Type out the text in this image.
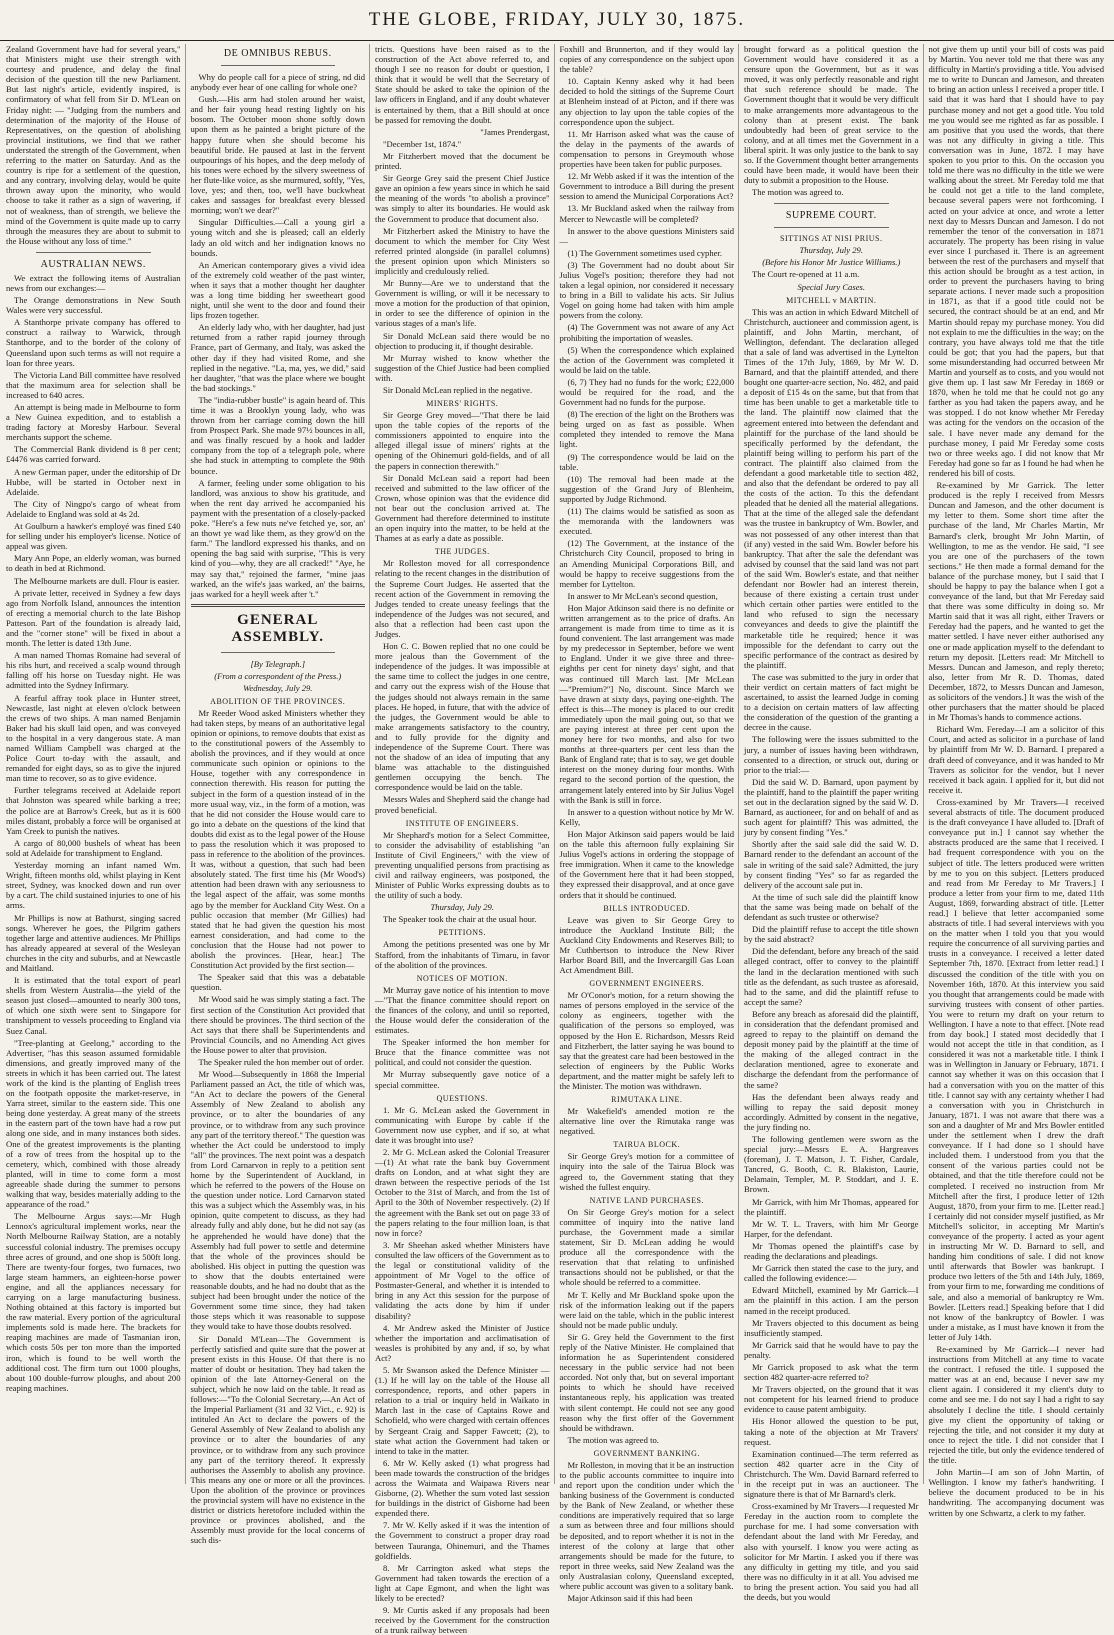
THE GLOBE, FRIDAY, JULY 30, 1875.

Zealand Government have had for several years," that Ministers might use their strength with courtesy and prudence, and delay the final decision of the question till the new Parliament. But last night's article, evidently inspired, is confirmatory of what fell from Sir D. M'Lean on Friday night: — "Judging from the numbers and determination of the majority of the House of Representatives, on the question of abolishing provincial institutions, we find that we rather understated the strength of the Government, when referring to the matter on Saturday. And as the country is ripe for a settlement of the question, and any contrary, involving delay, would be quite thrown away upon the minority, who would choose to take it rather as a sign of wavering, if not of weakness, than of strength, we believe the mind of the Government is quite made up to carry through the measures they are about to submit to the House without any loss of time."

AUSTRALIAN NEWS.

We extract the following items of Australian news from our exchanges:—

The Orange demonstrations in New South Wales were very successful.

A Stanthorpe private company has offered to construct a railway to Warwick, through Stanthorpe, and to the border of the colony of Queensland upon such terms as will not require a loan for three years.

The Victoria Land Bill committee have resolved that the maximum area for selection shall be increased to 640 acres.

An attempt is being made in Melbourne to form a New Guinea expedition, and to establish a trading factory at Moresby Harbour. Several merchants support the scheme.

The Commercial Bank dividend is 8 per cent; £4476 was carried forward.

A new German paper, under the editorship of Dr Hubbe, will be started in October next in Adelaide.

The City of Ningpo's cargo of wheat from Adelaide to England was sold at 4s 2d.

At Goulburn a hawker's employé was fined £40 for selling under his employer's license. Notice of appeal was given.

Mary Ann Pope, an elderly woman, was burned to death in bed at Richmond.

The Melbourne markets are dull. Flour is easier.

A private letter, received in Sydney a few days ago from Norfolk Island, announces the intention of erecting a memorial church to the late Bishop Patteson. Part of the foundation is already laid, and the "corner stone" will be fixed in about a month. The letter is dated 13th June.

A man named Thomas Romaine had several of his ribs hurt, and received a scalp wound through falling off his horse on Tuesday night. He was admitted into the Sydney Infirmary.

A fearful affray took place in Hunter street, Newcastle, last night at eleven o'clock between the crews of two ships. A man named Benjamin Baker had his skull laid open, and was conveyed to the hospital in a very dangerous state. A man named William Campbell was charged at the Police Court to-day with the assault, and remanded for eight days, so as to give the injured man time to recover, so as to give evidence.

Further telegrams received at Adelaide report that Johnston was speared while barking a tree; the police are at Barrow's Creek, but as it is 600 miles distant, probably a force will be organised at Yam Creek to punish the natives.

A cargo of 80,000 bushels of wheat has been sold at Adelaide for transhipment to England.

Yesterday morning an infant named Wm. Wright, fifteen months old, whilst playing in Kent street, Sydney, was knocked down and run over by a cart. The child sustained injuries to one of his arms.

Mr Phillips is now at Bathurst, singing sacred songs. Wherever he goes, the Pilgrim gathers together large and attentive audiences. Mr Phillips has already appeared at several of the Wesleyan churches in the city and suburbs, and at Newcastle and Maitland.

It is estimated that the total export of pearl shells from Western Australia—the yield of the season just closed—amounted to nearly 300 tons, of which one sixth were sent to Singapore for transhipment to vessels proceeding to England via Suez Canal.

"Tree-planting at Geelong," according to the Advertiser, "has this season assumed formidable dimensions, and greatly improved many of the streets in which it has been carried out. The latest work of the kind is the planting of English trees on the footpath opposite the market-reserve, in Yarra street, similar to the eastern side. This one being done yesterday. A great many of the streets in the eastern part of the town have had a row put along one side, and in many instances both sides. One of the greatest improvements is the planting of a row of trees from the hospital up to the cemetery, which, combined with those already planted, will in time to come form a most agreeable shade during the summer to persons walking that way, besides materially adding to the appearance of the road."

The Melbourne Argus says:—Mr Hugh Lennox's agricultural implement works, near the North Melbourne Railway Station, are a notably successful colonial industry. The premises occupy three acres of ground, and one shop is 500ft long. There are twenty-four forges, two furnaces, two large steam hammers, an eighteen-horse power engine, and all the appliances necessary for carrying on a large manufacturing business. Nothing obtained at this factory is imported but the raw material. Every portion of the agricultural implements sold is made here. The brackets for reaping machines are made of Tasmanian iron, which costs 50s per ton more than the imported iron, which is found to be well worth the additional cost. The firm turn out 1000 ploughs, about 100 double-furrow ploughs, and about 200 reaping machines.

DE OMNIBUS REBUS.

Why do people call for a piece of string, nd did anybody ever hear of one calling for whole one?

Gush.—His arm had stolen around her waist, and her fair young head resting lightly on his bosom. The October moon shone softly down upon them as he painted a bright picture of the happy future when she should become his beautiful bride. He paused at last in the fervent outpourings of his hopes, and the deep melody of his tones were echoed by the silvery sweetness of her flute-like voice, as she murmured, softly, "Yes, love, yes; and then, too, we'll have buckwheat cakes and sassages for breakfast every blessed morning; won't we dear?"

Singular Difficulties.—Call a young girl a young witch and she is pleased; call an elderly lady an old witch and her indignation knows no bounds.

An American contemporary gives a vivid idea of the extremely cold weather of the past winter, when it says that a mother thought her daughter was a long time bidding her sweetheart good night, until she went to the door and found their lips frozen together.

An elderly lady who, with her daughter, had just returned from a rather rapid journey through France, part of Germany, and Italy, was asked the other day if they had visited Rome, and she replied in the negative. "La, ma, yes, we did," said her daughter, "that was the place where we bought the bad stockings."

The "india-rubber bustle" is again heard of. This time it was a Brooklyn young lady, who was thrown from her carriage coming down the hill from Prospect Park. She made 97½ bounces in all, and was finally rescued by a hook and ladder company from the top of a telegraph pole, where she had stuck in attempting to complete the 98th bounce.

A farmer, feeling under some obligation to his landlord, was anxious to show his gratitude, and when the rent day arrived he accompanied his payment with the presentation of a closely-packed poke. "Here's a few nuts ne've fetched ye, sor, an' an thowt ye wad like them, as they grow'd on the farm." The landlord expressed his thanks, and on opening the bag said with surprise, "This is very kind of you—why, they are all cracked!" "Aye, he may say that," rejoined the farmer, "mine jaas warked, an the wife's jaas warked, an' the bairns, jaas warked for a heyll week after 't."

GENERAL ASSEMBLY.
[By Telegraph.]
(From a correspondent of the Press.)
Wednesday, July 29.
ABOLITION OF THE PROVINCES.

Mr Reeder Wood asked Ministers whether they had taken steps, by means of an authoritative legal opinion or opinions, to remove doubts that exist as to the constitutional powers of the Assembly to abolish the provinces, and if they would at once communicate such opinion or opinions to the House, together with any correspondence in connection therewith. His reason for putting the subject in the form of a question instead of in the more usual way, viz., in the form of a motion, was that he did not consider the House would care to go into a debate on the questions of the kind that doubts did exist as to the legal power of the House to pass the resolution which it was proposed to pass in reference to the abolition of the provinces. It was, without a question, that such had been absolutely stated. The first time his (Mr Wood's) attention had been drawn with any seriousness to the legal aspect of the affair, was some months ago by the member for Auckland City West. On a public occasion that member (Mr Gillies) had stated that he had given the question his most earnest consideration, and had come to the conclusion that the House had not power to abolish the provinces. [Hear, hear.] The Constitution Act provided by the first section—

The Speaker said that this was a debatable question.

Mr Wood said he was simply stating a fact. The first section of the Constitution Act provided that there should be provinces. The third section of the Act says that there shall be Superintendents and Provincial Councils, and no Amending Act gives the House power to alter that provision.

The Speaker ruled the hon member out of order.

Mr Wood—Subsequently in 1868 the Imperial Parliament passed an Act, the title of which was, "An Act to declare the powers of the General Assembly of New Zealand to abolish any province, or to alter the boundaries of any province, or to withdraw from any such province any part of the territory thereof." The question was whether the Act could be understood to imply "all" the provinces. The next point was a despatch from Lord Carnarvon in reply to a petition sent home by the Superintendent of Auckland, in which he referred to the powers of the House on the question under notice. Lord Carnarvon stated this was a subject which the Assembly was, in his opinion, quite competent to discuss, as they had already fully and ably done, but he did not say (as he apprehended he would have done) that the Assembly had full power to settle and determine that the whole of the provinces should be abolished. His object in putting the question was to show that the doubts entertained were reasonable doubts, and he had no doubt that as the subject had been brought under the notice of the Government some time since, they had taken those steps which it was reasonable to suppose they would take to have those doubts resolved.

Sir Donald M'Lean—The Government is perfectly satisfied and quite sure that the power at present exists in this House. Of that there is no matter of doubt or hesitation. They had taken the opinion of the late Attorney-General on the subject, which he now laid on the table. It read as follows:—"To the Colonial Secretary,—An Act of the Imperial Parliament (31 and 32 Vict., c. 92) is intituled An Act to declare the powers of the General Assembly of New Zealand to abolish any province or to alter the boundaries of any province, or to withdraw from any such province any part of the territory thereof. It expressly authorises the Assembly to abolish any province. This means any one or more or all the provinces. Upon the abolition of the province or provinces the provincial system will have no existence in the district or districts heretofore included within the province or provinces abolished, and the Assembly must provide for the local concerns of such dis-

tricts. Questions have been raised as to the construction of the Act above referred to, and though I see no reason for doubt or question, I think that it would be well that the Secretary of State should be asked to take the opinion of the law officers in England, and if any doubt whatever is entertained by them, that a Bill should at once be passed for removing the doubt.

"James Prendergast,

"December 1st, 1874."

Mr Fitzherbert moved that the document be printed.

Sir George Grey said the present Chief Justice gave an opinion a few years since in which he said the meaning of the words "to abolish a province" was simply to alter its boundaries. He would ask the Government to produce that document also.

Mr Fitzherbert asked the Ministry to have the document to which the member for City West referred printed alongside (in parallel columns) the present opinion upon which Ministers so implicitly and credulously relied.

Mr Bunny—Are we to understand that the Government is willing, or will it be necessary to move a motion for the production of that opinion, in order to see the difference of opinion in the various stages of a man's life.

Sir Donald McLean said there would be no objection to producing it, if thought desirable.

Mr Murray wished to know whether the suggestion of the Chief Justice had been complied with.

Sir Donald McLean replied in the negative.

MINERS' RIGHTS.

Sir George Grey moved—"That there be laid upon the table copies of the reports of the commissioners appointed to enquire into the alleged illegal issue of miners' rights at the opening of the Ohinemuri gold-fields, and of all the papers in connection therewith."

Sir Donald McLean said a report had been received and submitted to the law officer of the Crown, whose opinion was that the evidence did not bear out the conclusion arrived at. The Government had therefore determined to institute an open inquiry into the matter, to be held at the Thames at as early a date as possible.

THE JUDGES.

Mr Rolleston moved for all correspondence relating to the recent changes in the distribution of the Supreme Court Judges. He asserted that the recent action of the Government in removing the Judges tended to create uneasy feelings that the independence of the Judges was not secured, and also that a reflection had been cast upon the Judges.

Hon C. C. Bowen replied that no one could be more jealous than the Government of the independence of the judges. It was impossible at the same time to collect the judges in one centre, and carry out the express wish of the House that the judges should not always remain in the same places. He hoped, in future, that with the advice of the judges, the Government would be able to make arrangements satisfactory to the country, and to fully provide for the dignity and independence of the Supreme Court. There was not the shadow of an idea of imputing that any blame was attachable to the distinguished gentlemen occupying the bench. The correspondence would be laid on the table.

Messrs Wales and Shepherd said the change had proved beneficial.

INSTITUTE OF ENGINEERS.

Mr Shephard's motion for a Select Committee, to consider the advisability of establishing "an Institute of Civil Engineers," with the view of preventing unqualified persons from practising as civil and railway engineers, was postponed, the Minister of Public Works expressing doubts as to the utility of such a body.

Thursday, July 29.

The Speaker took the chair at the usual hour.

PETITIONS.

Among the petitions presented was one by Mr Stafford, from the inhabitants of Timaru, in favor of the abolition of the provinces.

NOTICES OF MOTION.

Mr Murray gave notice of his intention to move—"That the finance committee should report on the finances of the colony, and until so reported, the House would defer the consideration of the estimates.

The Speaker informed the hon member for Bruce that the finance committee was not political, and could not consider the question.

Mr Murray subsequently gave notice of a special committee.

QUESTIONS.

1. Mr G. McLean asked the Government in communicating with Europe by cable if the Government now use cypher, and if so, at what date it was brought into use?

2. Mr G. McLean asked the Colonial Treasurer—(1) At what rate the bank buy Government drafts on London, and at what sight they are drawn between the respective periods of the 1st October to the 31st of March, and from the 1st of April to the 30th of November respectively. (2) If the agreement with the Bank set out on page 33 of the papers relating to the four million loan, is that now in force?

3. Mr Sheehan asked whether Ministers have consulted the law officers of the Government as to the legal or constitutional validity of the appointment of Mr Vogel to the office of Postmaster-General, and whether it is intended to bring in any Act this session for the purpose of validating the acts done by him if under disability?

4. Mr Andrew asked the Minister of Justice whether the importation and acclimatisation of weasles is prohibited by any and, if so, by what Act?

5. Mr Swanson asked the Defence Minister —(1.) If he will lay on the table of the House all correspondence, reports, and other papers in relation to a trial or inquiry held in Waikato in March last in the case of Captains Rowe and Schofield, who were charged with certain offences by Sergeant Craig and Sapper Fawcett; (2), to state what action the Government had taken or intend to take in the matter.

6. Mr W. Kelly asked (1) what progress had been made towards the construction of the bridges across the Waimata and Waipawa Rivers near Gisborne, (2). Whether the sum voted last session for buildings in the district of Gisborne had been expended there.

7. Mr W. Kelly asked if it was the intention of the Government to construct a proper dray road between Tauranga, Ohinemuri, and the Thames goldfields.

8. Mr Carrington asked what steps the Government had taken towards the erection of a light at Cape Egmont, and when the light was likely to be erected?

9. Mr Curtis asked if any proposals had been received by the Government for the construction of a trunk railway between

Foxhill and Brunnerton, and if they would lay copies of any correspondence on the subject upon the table?

10. Captain Kenny asked why it had been decided to hold the sittings of the Supreme Court at Blenheim instead of at Picton, and if there was any objection to lay upon the table copies of the correspondence upon the subject.

11. Mr Harrison asked what was the cause of the delay in the payments of the awards of compensation to persons in Greymouth whose properties have been taken for public purposes.

12. Mr Webb asked if it was the intention of the Government to introduce a Bill during the present session to amend the Municipal Corporations Act?

13. Mr Buckland asked when the railway from Mercer to Newcastle will be completed?

In answer to the above questions Ministers said—

(1) The Government sometimes used cypher.

(3) The Government had no doubt about Sir Julius Vogel's position; therefore they had not taken a legal opinion, nor considered it necessary to bring in a Bill to validate his acts. Sir Julius Vogel on going home had taken with him ample powers from the colony.

(4) The Government was not aware of any Act prohibiting the importation of weasles.

(5) When the correspondence which explained the action of the Government was completed it would be laid on the table.

(6, 7) They had no funds for the work; £22,000 would be required for the road, and the Government had no funds for the purpose.

(8) The erection of the light on the Brothers was being urged on as fast as possible. When completed they intended to remove the Mana light.

(9) The correspondence would be laid on the table.

(10) The removal had been made at the suggestion of the Grand Jury of Blenheim, supported by Judge Richmond.

(11) The claims would be satisfied as soon as the memoranda with the landowners was executed.

(12) The Government, at the instance of the Christchurch City Council, proposed to bring in an Amending Municipal Corporations Bill, and would be happy to receive suggestions from the member for Lyttelton.

In answer to Mr McLean's second question,

Hon Major Atkinson said there is no definite or written arrangement as to the price of drafts. An arrangement is made from time to time as it is found convenient. The last arrangement was made by my predecessor in September, before we went to England. Under it we give three and three-eighths per cent for ninety days' sight, and that was continued till March last. [Mr McLean—"Premium?"] No, discount. Since March we have drawn at sixty days, paying one-eighth. The effect is this—The money is placed to our credit immediately upon the mail going out, so that we are paying interest at three per cent upon the money here for two months, and also for two months at three-quarters per cent less than the Bank of England rate; that is to say, we get double interest on the money during four months. With regard to the second portion of the question, the arrangement lately entered into by Sir Julius Vogel with the Bank is still in force.

In answer to a question without notice by Mr W. Kelly,

Hon Major Atkinson said papers would be laid on the table this afternoon fully explaining Sir Julius Vogel's actions in ordering the stoppage of free immigration. When it came to the knowledge of the Government here that it had been stopped, they expressed their disapproval, and at once gave orders that it should be continued.

BILLS INTRODUCED.

Leave was given to Sir George Grey to introduce the Auckland Institute Bill; the Auckland City Endowments and Reserves Bill; to Mr Cuthbertson to introduce the New River Harbor Board Bill, and the Invercargill Gas Loan Act Amendment Bill.

GOVERNMENT ENGINEERS.

Mr O'Conor's motion, for a return showing the names of persons employed in the service of the colony as engineers, together with the qualification of the persons so employed, was opposed by the Hon E. Richardson, Messrs Reid and Fitzherbert, the latter saying he was bound to say that the greatest care had been bestowed in the selection of engineers by the Public Works department, and the matter might be safely left to the Minister. The motion was withdrawn.

RIMUTAKA LINE.

Mr Wakefield's amended motion re the alternative line over the Rimutaka range was negatived.

TAIRUA BLOCK.

Sir George Grey's motion for a committee of inquiry into the sale of the Tairua Block was agreed to, the Government stating that they wished the fullest enquiry.

NATIVE LAND PURCHASES.

On Sir George Grey's motion for a select committee of inquiry into the native land purchase, the Government made a similar statement, Sir D. McLean adding he would produce all the correspondence with the reservation that that relating to unfinished transactions should not be published, or that the whole should be referred to a committee.

Mr T. Kelly and Mr Buckland spoke upon the risk of the information leaking out if the papers were laid on the table, which in the public interest should not be made public unduly.

Sir G. Grey held the Government to the first reply of the Native Minister. He complained that information he as Superintendent considered necessary in the public service had not been accorded. Not only that, but on several important points to which he should have received instantaneous reply, his application was treated with silent contempt. He could not see any good reason why the first offer of the Government should be withdrawn.

The motion was agreed to.

GOVERNMENT BANKING.

Mr Rolleston, in moving that it be an instruction to the public accounts committee to inquire into and report upon the condition under which the banking business of the Government is conducted by the Bank of New Zealand, or whether these conditions are imperatively required that so large a sum as between three and four millions should be deposited, and to report whether it is not in the interest of the colony at large that other arrangements should be made for the future, to report in three weeks, said New Zealand was the only Australasian colony, Queensland excepted, where public account was given to a solitary bank.

Major Atkinson said if this had been

brought forward as a political question the Government would have considered it as a censure upon the Government, but as it was moved, it was only perfectly reasonable and right that such reference should be made. The Government thought that it would be very difficult to make arrangements more advantageous to the colony than at present exist. The bank undoubtedly had been of great service to the colony, and at all times met the Government in a liberal spirit. It was only justice to the bank to say so. If the Government thought better arrangements could have been made, it would have been their duty to submit a proposition to the House.

The motion was agreed to.

SUPREME COURT.
SITTINGS AT NISI PRIUS.
Thursday, July 29.
(Before his Honor Mr Justice Williams.)

The Court re-opened at 11 a.m.

Special Jury Cases.
MITCHELL v MARTIN.

This was an action in which Edward Mitchell of Christchurch, auctioneer and commission agent, is plaintiff, and John Martin, merchant, of Wellington, defendant. The declaration alleged that a sale of land was advertised in the Lyttelton Times of the 17th July, 1869, by Mr W. D. Barnard, and that the plaintiff attended, and there bought one quarter-acre section, No. 482, and paid a deposit of £15 4s on the same, but that from that time has been unable to get a marketable title to the land. The plaintiff now claimed that the agreement entered into between the defendant and plaintiff for the purchase of the land should be specifically performed by the defendant, the plaintiff being willing to perform his part of the contract. The plaintiff also claimed from the defendant a good marketable title to section 482, and also that the defendant be ordered to pay all the costs of the action. To this the defendant pleaded that he denied all the material allegations. That at the time of the alleged sale the defendant was the trustee in bankruptcy of Wm. Bowler, and was not possessed of any other interest than that (if any) vested in the said Wm. Bowler before his bankruptcy. That after the sale the defendant was advised by counsel that the said land was not part of the said Wm. Bowler's estate, and that neither defendant nor Bowler had an interest therein, because of there existing a certain trust under which certain other parties were entitled to the land who refused to sign the necessary conveyances and deeds to give the plaintiff the marketable title he required; hence it was impossible for the defendant to carry out the specific performance of the contract as desired by the plaintiff.

The case was submitted to the jury in order that their verdict on certain matters of fact might be ascertained, to assist the learned Judge in coming to a decision on certain matters of law affecting the consideration of the question of the granting a decree in the cause.

The following were the issues submitted to the jury, a number of issues having been withdrawn, consented to a direction, or struck out, during or prior to the trial:—

Did the said W. D. Barnard, upon payment by the plaintiff, hand to the plaintiff the paper writing set out in the declaration signed by the said W. D. Barnard, as auctioneer, for and on behalf of and as such agent for plaintiff? This was admitted, the jury by consent finding "Yes."

Shortly after the said sale did the said W. D. Barnard render to the defendant an account of the sale in writing of the said sale? Admitted, the jury by consent finding "Yes" so far as regarded the delivery of the account sale put in.

At the time of such sale did the plaintiff know that the same was being made on behalf of the defendant as such trustee or otherwise?

Did the plaintiff refuse to accept the title shown by the said abstract?

Did the defendant, before any breach of the said alleged contract, offer to convey to the plaintiff the land in the declaration mentioned with such title as the defendant, as such trustee as aforesaid, had to the same, and did the plaintiff refuse to accept the same?

Before any breach as aforesaid did the plaintiff, in consideration that the defendant promised and agreed to repay to the plaintiff on demand the deposit money paid by the plaintiff at the time of the making of the alleged contract in the declaration mentioned, agree to exonerate and discharge the defendant from the performance of the same?

Has the defendant been always ready and willing to repay the said deposit money accordingly. Admitted by consent in the negative, the jury finding no.

The following gentlemen were sworn as the special jury:—Messrs E. A. Hargreaves (foreman), J. T. Matson, J. T. Fisher, Cardale, Tancred, G. Booth, C. R. Blakiston, Laurie, Delamain, Templer, M. P. Stoddart, and J. E. Brown.

Mr Garrick, with him Mr Thomas, appeared for the plaintiff.

Mr W. T. L. Travers, with him Mr George Harper, for the defendant.

Mr Thomas opened the plaintiff's case by reading the declarations and pleadings.

Mr Garrick then stated the case to the jury, and called the following evidence:—

Edward Mitchell, examined by Mr Garrick—I am the plaintiff in this action. I am the person named in the receipt produced.

Mr Travers objected to this document as being insufficiently stamped.

Mr Garrick said that he would have to pay the penalty.

Mr Garrick proposed to ask what the term section 482 quarter-acre referred to?

Mr Travers objected, on the ground that it was not competent for his learned friend to produce evidence to cause patent ambiguity.

His Honor allowed the question to be put, taking a note of the objection at Mr Travers' request.

Examination continued—The term referred as section 482 quarter acre in the City of Christchurch. The Wm. David Barnard referred to in the receipt put in was an auctioneer. The signature there is that of Mr Barnard's clerk.

Cross-examined by Mr Travers—I requested Mr Fereday in the auction room to complete the purchase for me. I had some conversation with defendant about the land with Mr Fereday, and also with yourself. I know you were acting as solicitor for Mr Martin. I asked you if there was any difficulty in getting my title, and you said there was no difficulty in it at all. You advised me to bring the present action. You said you had all the deeds, but you would

not give them up until your bill of costs was paid by Martin. You never told me that there was any difficulty in Martin's providing a title. You advised me to write to Duncan and Jameson, and threaten to bring an action unless I received a proper title. I said that it was hard that I should have to pay purchase money and not get a good title. You told me you would see me righted as far as possible. I am positive that you used the words, that there was not any difficulty in giving a title. This conversation was in June, 1872. I may have spoken to you prior to this. On the occasion you told me there was no difficulty in the title we were walking about the street. Mr Fereday told me that he could not get a title to the land complete, because several papers were not forthcoming. I acted on your advice at once, and wrote a letter next day to Messrs Duncan and Jameson. I do not remember the tenor of the conversation in 1871 accurately. The property has been rising in value ever since I purchased it. There is an agreement between the rest of the purchasers and myself that this action should be brought as a test action, in order to prevent the purchasers having to bring separate actions. I never made such a proposition in 1871, as that if a good title could not be secured, the contract should be at an end, and Mr Martin should repay my purchase money. You did not explain to me the difficulties in the way; on the contrary, you have always told me that the title could be got; that you had the papers, but that some misunderstanding had occurred between Mr Martin and yourself as to costs, and you would not give them up. I last saw Mr Fereday in 1869 or 1870, when he told me that he could not go any farther as you had taken the papers away, and he was stopped. I do not know whether Mr Fereday was acting for the vendors on the occasion of the sale. I have never made any demand for the purchase money, I paid Mr Fereday some costs two or three weeks ago. I did not know that Mr Fereday had gone so far as I found he had when he rendered his bill of costs.

Re-examined by Mr Garrick. The letter produced is the reply I received from Messrs Duncan and Jameson, and the other document is my letter to them. Some short time after the purchase of the land, Mr Charles Martin, Mr Barnard's clerk, brought Mr John Martin, of Wellington, to me as the vendor. He said, "I see you are one of the purchasers of the town sections." He then made a formal demand for the balance of the purchase money, but I said that I should be happy to pay the balance when I got a conveyance of the land, but that Mr Fereday said that there was some difficulty in doing so. Mr Martin said that it was all right, either Travers or Fereday had the papers, and he wanted to get the matter settled. I have never either authorised any one or made application myself to the defendant to return my deposit. [Letters read: Mr Mitchell to Messrs. Duncan and Jameson, and reply thereto; also, letter from Mr R. D. Thomas, dated December, 1872, to Messrs Duncan and Jameson, as solicitors of the vendors.] It was the wish of the other purchasers that the matter should be placed in Mr Thomas's hands to commence actions.

Richard Wm. Fereday—I am a solicitor of this Court, and acted as solicitor in a purchase of land by plaintiff from Mr W. D. Barnard. I prepared a draft deed of conveyance, and it was handed to Mr Travers as solicitor for the vendor, but I never received it back again. I applied for it, but did not receive it.

Cross-examined by Mr Travers—I received several abstracts of title. The document produced is the draft conveyance I have alluded to. [Draft of conveyance put in.] I cannot say whether the abstracts produced are the same that I received. I had frequent correspondence with you on the subject of title. The letters produced were written by me to you on this subject. [Letters produced and read from Mr Fereday to Mr Travers.] I produce a letter from your firm to me, dated 11th August, 1869, forwarding abstract of title. [Letter read.] I believe that letter accompanied some abstracts of title. I had several interviews with you on the matter when I told you that you would require the concurrence of all surviving parties and trusts in a conveyance. I received a letter dated September 7th, 1870. [Extract from letter read.] I discussed the condition of the title with you on November 16th, 1870. At this interview you said you thought that arrangements could be made with surviving trustees with consent of other parties. You were to return my draft on your return to Wellington. I have a note to that effect. [Note read from day book.] I stated most decidedly that I would not accept the title in that condition, as I considered it was not a marketable title. I think I was in Wellington in January or February, 1871. I cannot say whether it was on this occasion that I had a conversation with you on the matter of this title. I cannot say with any certainty whether I had a conversation with you in Christchurch in January, 1871. I was not aware that there was a son and a daughter of Mr and Mrs Bowler entitled under the settlement when I drew the draft conveyance. If I had done so I should have included them. I understood from you that the consent of the various parties could not be obtained, and that the title therefore could not be completed. I received no instruction from Mr Mitchell after the first, I produce letter of 12th August, 1870, from your firm to me. [Letter read.] I certainly did not consider myself justified, as Mr Mitchell's solicitor, in accepting Mr Martin's conveyance of the property. I acted as your agent in instructing Mr W. D. Barnard to sell, and handing him conditions of sale. I did not know until afterwards that Bowler was bankrupt. I produce two letters of the 5th and 14th July, 1869, from your firm to me, forwarding me conditions of sale, and also a memorial of bankruptcy re Wm. Bowler. [Letters read.] Speaking before that I did not know of the bankruptcy of Bowler. I was under a mistake, as I must have known it from the letter of July 14th.

Re-examined by Mr Garrick—I never had instructions from Mitchell at any time to vacate the contract. I refused the title. I supposed the matter was at an end, because I never saw my client again. I considered it my client's duty to come and see me. I do not say I had a right to say absolutely I decline the title. I should certainly give my client the opportunity of taking or rejecting the title, and not consider it my duty at once to reject the title. I did not consider that I rejected the title, but only the evidence tendered of the title.

John Martin—I am son of John Martin, of Wellington. I know my father's handwriting. I believe the document produced to be in his handwriting. The accompanying document was written by one Schwartz, a clerk to my father.
